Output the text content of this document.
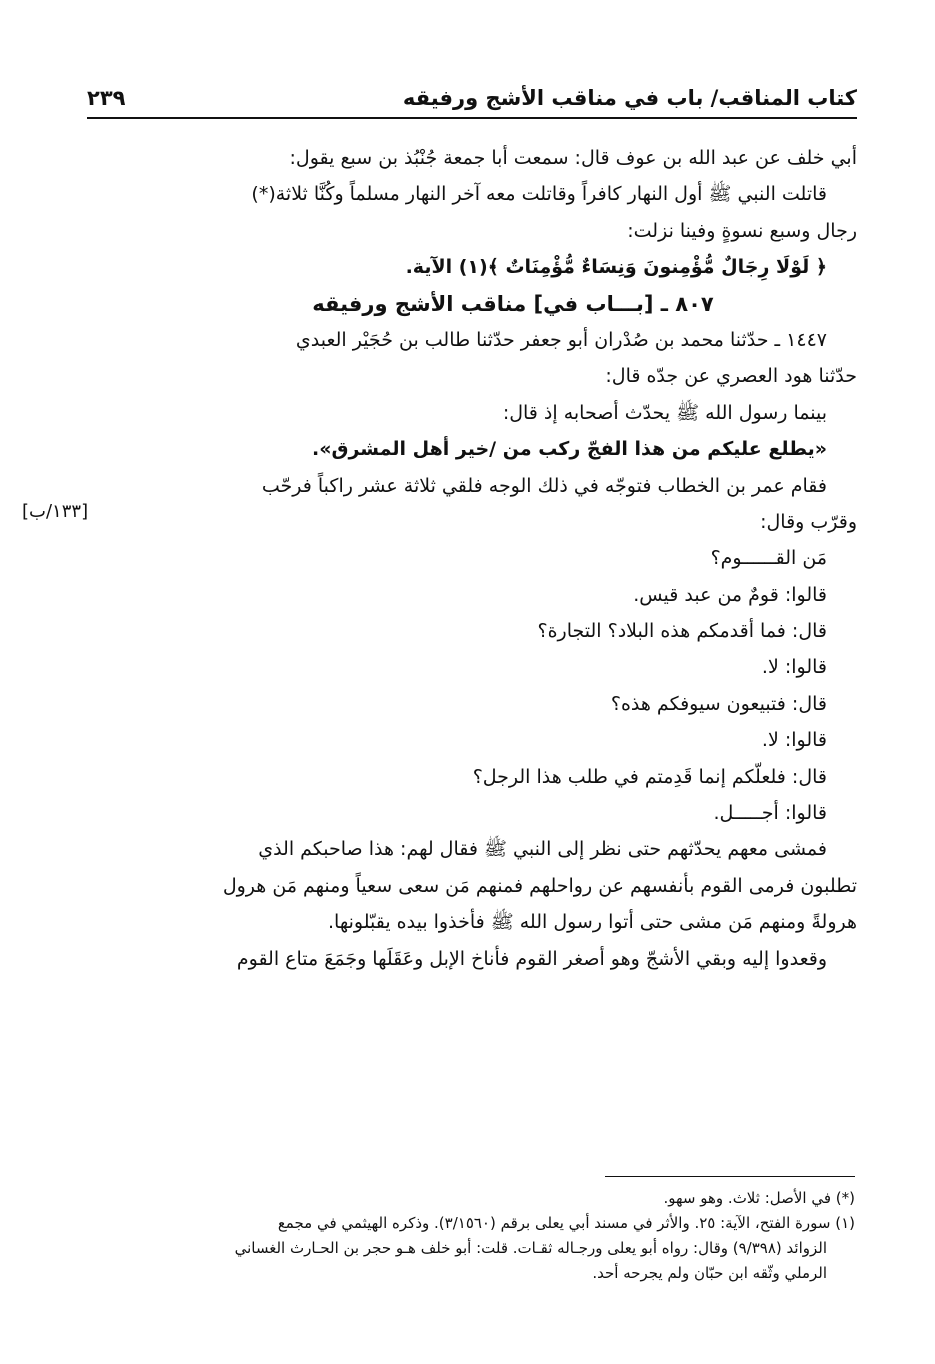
كتاب المناقب/ باب في مناقب الأشج ورفيقه
٢٣٩
أبي خلف عن عبد الله بن عوف قال: سمعت أبا جمعة جُنْبُذ بن سبع يقول:
قاتلت النبي ﷺ أول النهار كافراً وقاتلت معه آخر النهار مسلماً وكُنَّا ثلاثة(*)
رجال وسبع نسوةٍ وفينا نزلت:
﴿ لَوْلَا رِجَالٌ مُّؤْمِنونَ وَنِسَاءٌ مُّؤْمِنَاتٌ ﴾(١) الآية.
٨٠٧ ـ [بـــاب في] مناقب الأشج ورفيقه
١٤٤٧ ـ حدّثنا محمد بن صُدْران أبو جعفر حدّثنا طالب بن حُجَيْر العبدي
حدّثنا هود العصري عن جدّه قال:
بينما رسول الله ﷺ يحدّث أصحابه إذ قال:
«يطلع عليكم من هذا الفجّ ركب من /خير أهل المشرق».
فقام عمر بن الخطاب فتوجّه في ذلك الوجه فلقي ثلاثة عشر راكباً فرحّب
وقرّب وقال:
مَن القــــــوم؟
قالوا: قومٌ من عبد قيس.
قال: فما أقدمكم هذه البلاد؟ التجارة؟
قالوا: لا.
قال: فتبيعون سيوفكم هذه؟
قالوا: لا.
قال: فلعلّكم إنما قَدِمتم في طلب هذا الرجل؟
قالوا: أجـــــل.
فمشى معهم يحدّثهم حتى نظر إلى النبي ﷺ فقال لهم: هذا صاحبكم الذي
تطلبون فرمى القوم بأنفسهم عن رواحلهم فمنهم مَن سعى سعياً ومنهم مَن هرول
هرولةً ومنهم مَن مشى حتى أتوا رسول الله ﷺ فأخذوا بيده يقبّلونها.
وقعدوا إليه وبقي الأشجّ وهو أصغر القوم فأناخ الإبل وعَقَلَها وجَمَعَ متاع القوم
[١٣٣/ب]
(*) في الأصل: ثلاث. وهو سهو.
(١) سورة الفتح، الآية: ٢٥. والأثر في مسند أبي يعلى برقم (٣/١٥٦٠). وذكره الهيثمي في مجمع
الزوائد (٩/٣٩٨) وقال: رواه أبو يعلى ورجـاله ثقـات. قلت: أبو خلف هـو حجر بن الحـارث الغساني
الرملي وثّقه ابن حبّان ولم يجرحه أحد.
